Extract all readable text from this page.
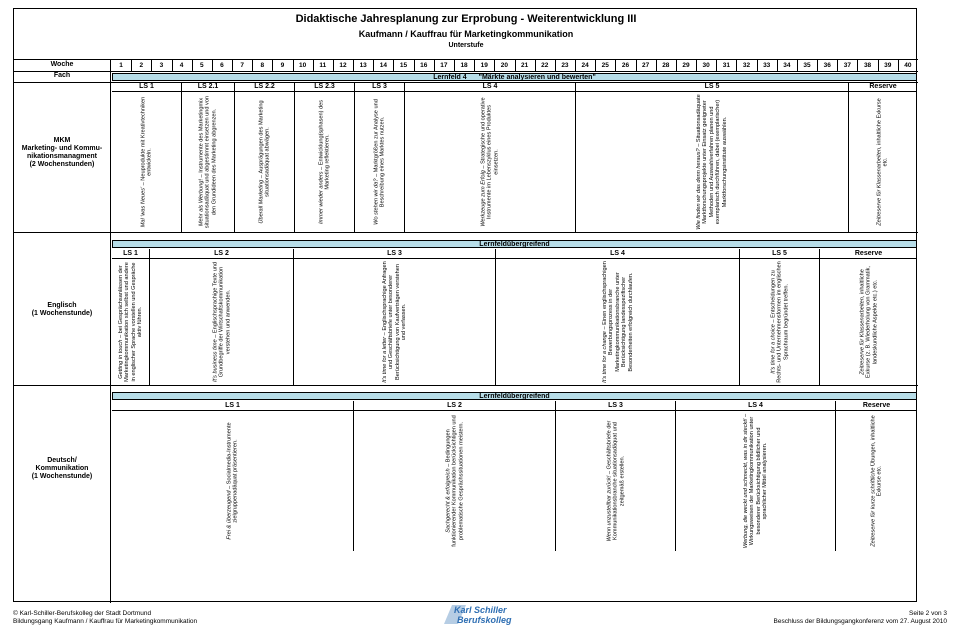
Didaktische Jahresplanung zur Erprobung - Weiterentwicklung III
Kaufmann / Kauffrau für Marketingkommunikation
Unterstufe
Woche
Fach
1	2	3	4	5	6	7	8	9	10	11	12	13	14	15	16	17	18	19	20	21	22	23	24	25	26	27	28	29	30	31	32	33	34	35	36	37	38	39	40
MKM
Marketing- und Kommu-
nikationsmanagment
(2 Wochenstunden)
Lernfeld 4 "Märkte analysieren und bewerten"
LS 1
Mal 'was Neues' – Neuprodukte mit Kreativtechniken entwickeln.
LS 2.1
Mehr als Werbung! – Instrumente des Marketingmix situationsadäquat und abgestimmt einsetzen und von den Grundideen des Marketing abgrenzen.
LS 2.2
Überall Marketing – Ausprägungen des Marketing situationsadäquat abwägen.
LS 2.3
Immer wieder anders – Entwicklung(sphasen) des Marketing reflektieren.
LS 3
Wo stehen wir da? – Marktgrößen zur Analyse und Beschreibung eines Marktes nutzen.
LS 4
Werkzeuge zum Erfolg – Strategische und operative Instrumente im Lebenszyklus eines Produktes einsetzen.
LS 5
Wie finden wir das denn heraus? – Situationsadäquate Marktforschungsprojekte unter Einsatz geeigneter Methoden und Auswahlverfahren planen und exemplarisch durchführen, dabei (exemplarischer) Marktforschungsinstitute auswählen.
Reserve
Zeitreserve für Klassenarbeiten, inhaltliche Exkurse etc.
Englisch
(1 Wochenstunde)
Lernfeldübergreifend
LS 1
Getting in touch – bei Gesprächsanlässen der Marketingkommunikation sich selbst und andere in englischer Sprache vorstellen und Gespräche aktiv führen.
LS 2
It's business time – Englischsprachige Texte und Grundbegriffe der Wirtschaftskommunikation verstehen und anwenden.
LS 3
It's time for a letter – Englischsprachige Anfragen und Geschäftsbriefe unter besonderer Berücksichtigung von Kaufverträgen verstehen und verfassen.
LS 4
It's time for a change – Einen englischsprachigen Bewerbungsprozess in der Marketingkommunikationsbranche unter Berücksichtigung landesspezifischer Besonderheiten erfolgreich durchlaufen.
LS 5
It's time for a choice – Entscheidungen zu Rechts- und Unternehmensformen im englischen Sprachraum begründet treffen.
Reserve
Zeitreserve für Klassenarbeiten, inhaltliche Exkurse (z. B. Wiederholung von Grammatik, landeskundliche Aspekte etc.) etc.
Deutsch/
Kommunikation
(1 Wochenstunde)
Lernfeldübergreifend
LS 1
Frei & überzeugend – Socialmedia-Instrumente zielgruppenadäquat präsentieren.
LS 2
Sachgerecht & erfolgreich – Bedingungen funktionierender Kommunikation berücksichtigen und problematische Gesprächssituationen meistern.
LS 3
Wenn unzustellbar zurück! – Geschäftsbriefe der Kommunikationsbranche situationsadäquat und zeitgemäß erstellen.
LS 4
Werbung, die weckt und schmeckt, was in dir steckt! – Wirkungsweisen der Marketingkommunikation unter besonderer Berücksichtigung bildlicher und sprachlicher Mittel analysieren.
Reserve
Zeitreserve für kurze schriftliche Übungen, inhaltliche Exkurse etc.
© Karl-Schiller-Berufskolleg der Stadt Dortmund
Bildungsgang Kaufmann / Kauffrau für Marketingkommunikation
Seite 2 von 3
Beschluss der Bildungsgangkonferenz vom 27. August 2010
Karl Schiller
Berufskolleg
